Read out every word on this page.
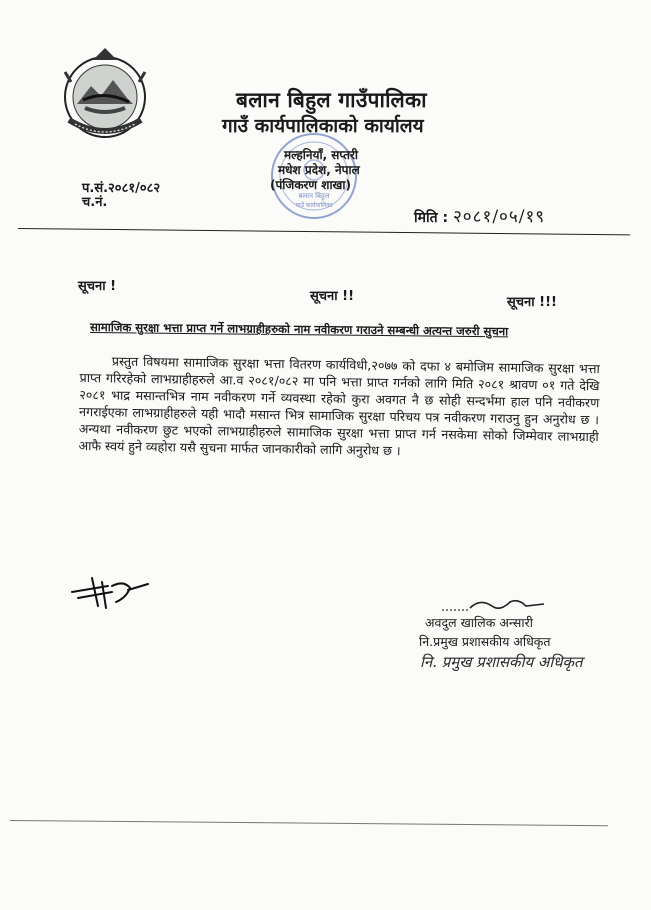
बलान बिहुल गाउँपालिका
गाउँ कार्यपालिकाको कार्यालय
बलान बिहुल
गाउँ कार्यपालिका
मल्हनियाँ, सप्तरी
मधेश प्रदेश, नेपाल
(पंजिकरण शाखा)
प.सं.२०८१/०८२
च.नं.
मिति : २०८१/०५/१९
सूचना !
सूचना !!	सूचना !!!
सामाजिक सुरक्षा भत्ता प्राप्त गर्ने लाभग्राहीहरुको नाम नवीकरण गराउने सम्बन्धी अत्यन्त जरुरी सुचना
प्रस्तुत विषयमा सामाजिक सुरक्षा भत्ता वितरण कार्यविधी,२०७७ को दफा ४ बमोजिम सामाजिक सुरक्षा भत्ता प्राप्त गरिरहेको लाभग्राहीहरुले आ.व २०८१/०८२ मा पनि भत्ता प्राप्त गर्नको लागि मिति २०८१ श्रावण ०१ गते देखि २०८१ भाद्र मसान्तभित्र नाम नवीकरण गर्ने व्यवस्था रहेको कुरा अवगत नै छ सोही सन्दर्भमा हाल पनि नवीकरण नगराईएका लाभग्राहीहरुले यही भादौ मसान्त भित्र सामाजिक सुरक्षा परिचय पत्र नवीकरण गराउनु हुन अनुरोध छ । अन्यथा नवीकरण छुट भएको लाभग्राहीहरुले सामाजिक सुरक्षा भत्ता प्राप्त गर्न नसकेमा सोको जिम्मेवार लाभग्राही आफै स्वयं हुने व्यहोरा यसै सुचना मार्फत जानकारीको लागि अनुरोध छ ।
अवदुल खालिक अन्सारी
नि.प्रमुख प्रशासकीय अधिकृत
नि. प्रमुख प्रशासकीय अधिकृत
